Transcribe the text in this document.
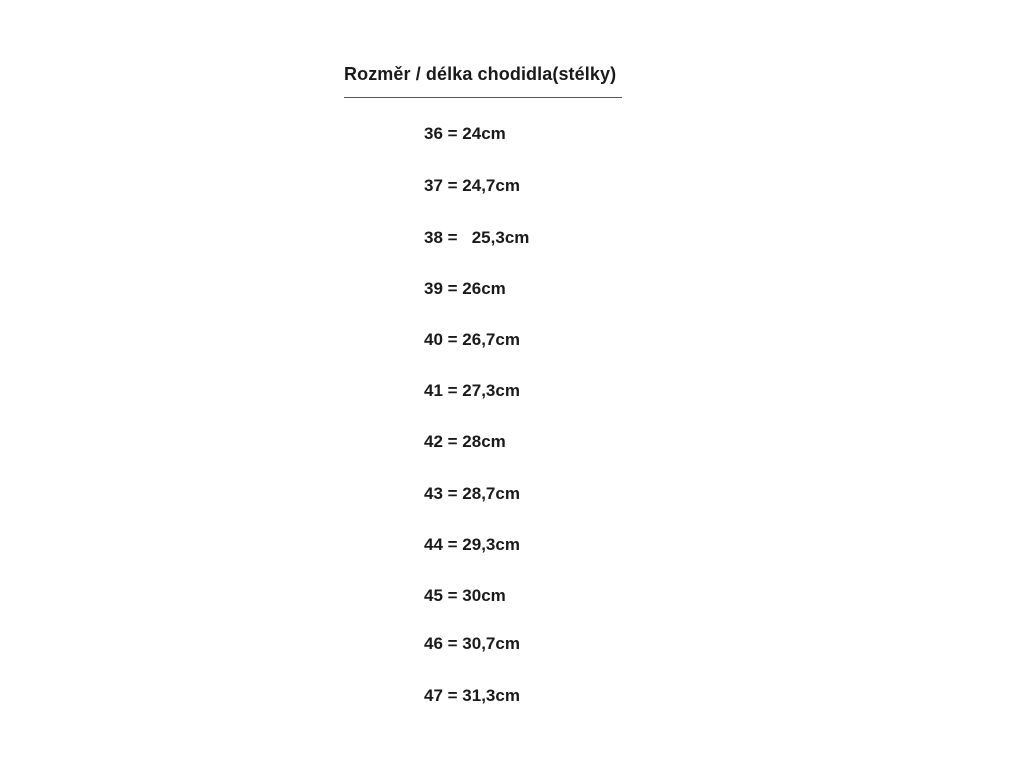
Rozměr / délka chodidla(stélky)
36 = 24cm
37 = 24,7cm
38 =   25,3cm
39 = 26cm
40 = 26,7cm
41 = 27,3cm
42 = 28cm
43 = 28,7cm
44 = 29,3cm
45 = 30cm
46 = 30,7cm
47 = 31,3cm
